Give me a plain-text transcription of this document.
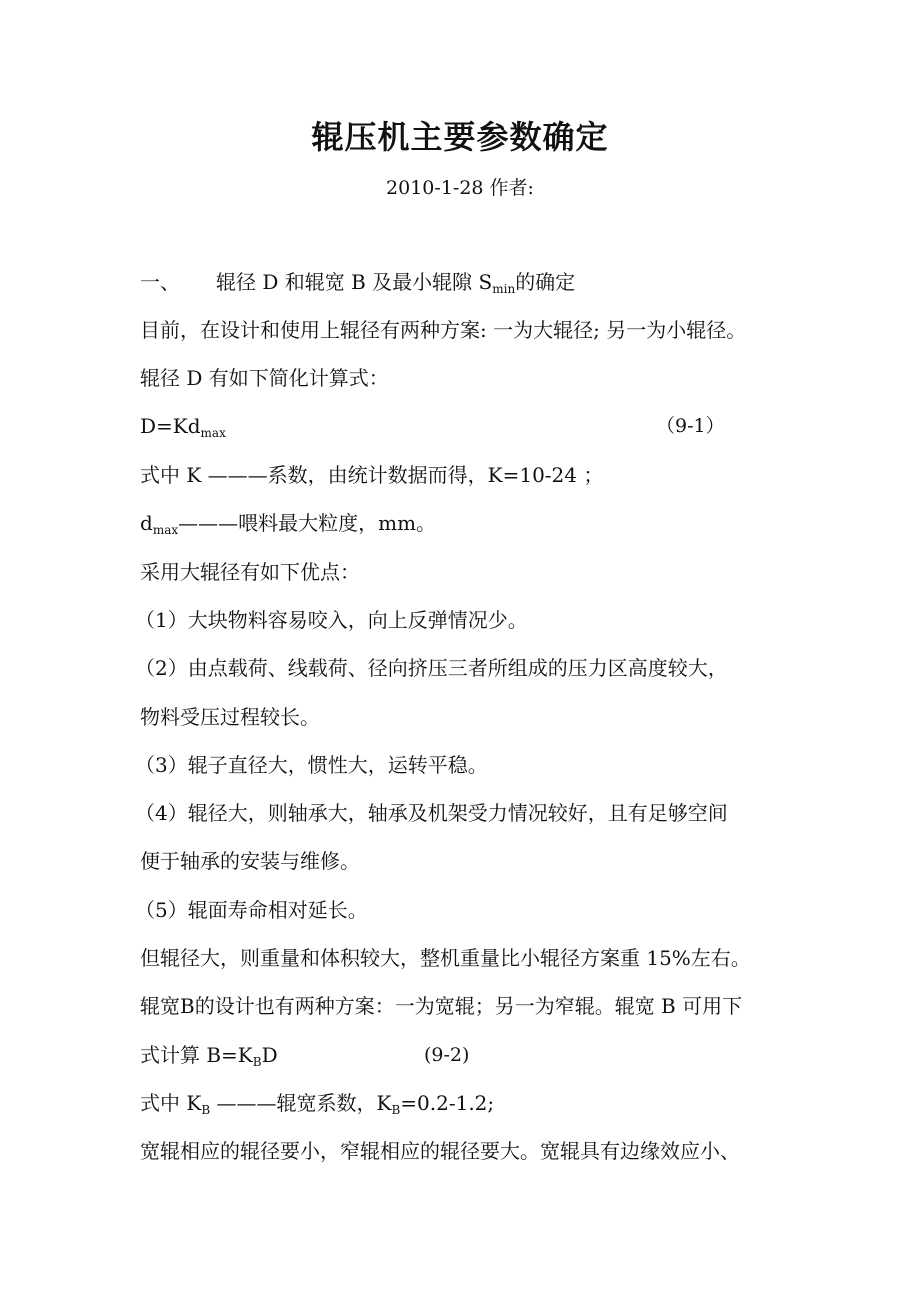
辊压机主要参数确定
2010-1-28 作者:
一、 辊径 D 和辊宽 B 及最小辊隙 $S_{min}$的确定
目前，在设计和使用上辊径有两种方案: 一为大辊径; 另一为小辊径。
辊径 D 有如下简化计算式：
$D=Kd_{max}$	（9-1）
式中 K ———系数，由统计数据而得，K=10-24 ；
$d_{max}———$喂料最大粒度，mm。
采用大辊径有如下优点：
（1）大块物料容易咬入，向上反弹情况少。
（2）由点载荷、线载荷、径向挤压三者所组成的压力区高度较大，
物料受压过程较长。
（3）辊子直径大，惯性大，运转平稳。
（4）辊径大，则轴承大，轴承及机架受力情况较好，且有足够空间
便于轴承的安装与维修。
（5）辊面寿命相对延长。
但辊径大，则重量和体积较大，整机重量比小辊径方案重 15%左右。
辊宽B的设计也有两种方案：一为宽辊；另一为窄辊。辊宽 B 可用下
式计算 $B=K_BD$	(9-2)
式中 $K_B$ ———辊宽系数，$K_B=0.2-1.2$;
宽辊相应的辊径要小，窄辊相应的辊径要大。宽辊具有边缘效应小、
